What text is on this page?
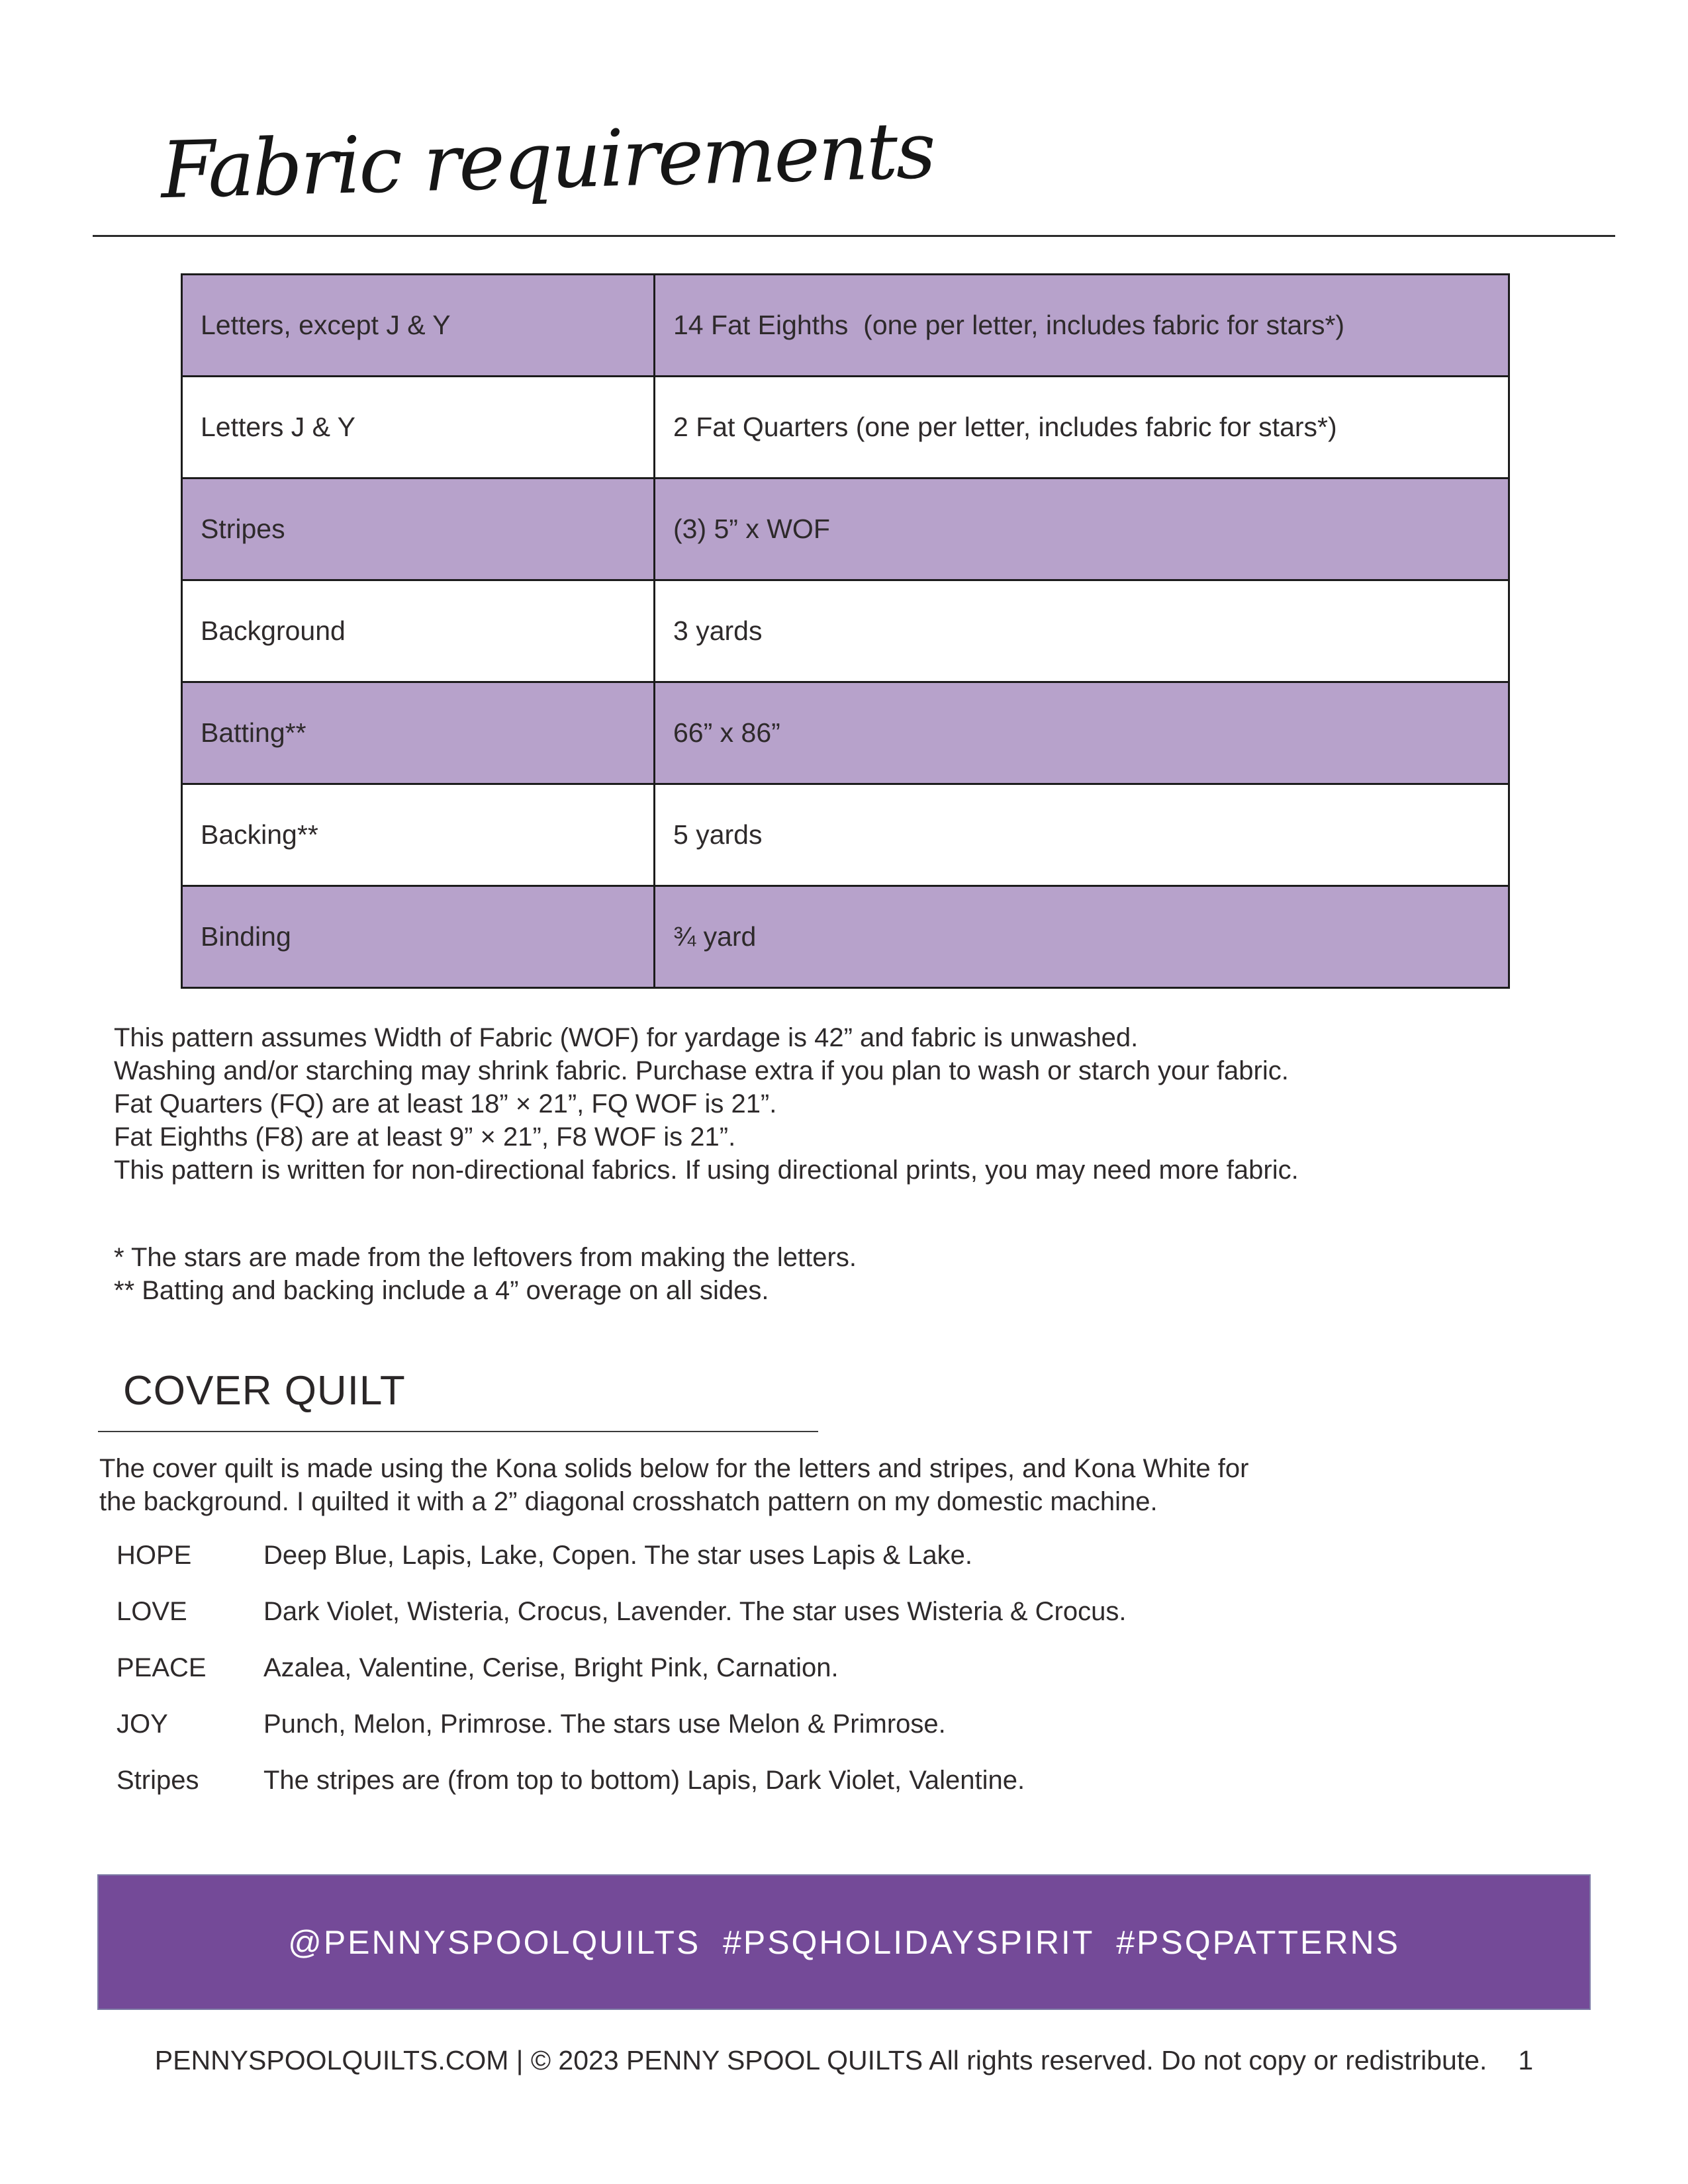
Fabric requirements
Letters, except J & Y	14 Fat Eighths  (one per letter, includes fabric for stars*)
Letters J & Y	2 Fat Quarters (one per letter, includes fabric for stars*)
Stripes	(3) 5” x WOF
Background	3 yards
Batting**	66” x 86”
Backing**	5 yards
Binding	¾ yard
This pattern assumes Width of Fabric (WOF) for yardage is 42” and fabric is unwashed.
Washing and/or starching may shrink fabric. Purchase extra if you plan to wash or starch your fabric.
Fat Quarters (FQ) are at least 18” × 21”, FQ WOF is 21”.
Fat Eighths (F8) are at least 9” × 21”, F8 WOF is 21”.
This pattern is written for non-directional fabrics. If using directional prints, you may need more fabric.
* The stars are made from the leftovers from making the letters.
** Batting and backing include a 4” overage on all sides.
COVER QUILT
The cover quilt is made using the Kona solids below for the letters and stripes, and Kona White for
the background. I quilted it with a 2” diagonal crosshatch pattern on my domestic machine.
HOPE	Deep Blue, Lapis, Lake, Copen. The star uses Lapis & Lake.
LOVE	Dark Violet, Wisteria, Crocus, Lavender. The star uses Wisteria & Crocus.
PEACE Azalea, Valentine, Cerise, Bright Pink, Carnation.
JOY	Punch, Melon, Primrose. The stars use Melon & Primrose.
Stripes The stripes are (from top to bottom) Lapis, Dark Violet, Valentine.
@PENNYSPOOLQUILTS  #PSQHOLIDAYSPIRIT  #PSQPATTERNS
PENNYSPOOLQUILTS.COM | © 2023 PENNY SPOOL QUILTS All rights reserved. Do not copy or redistribute. 1
